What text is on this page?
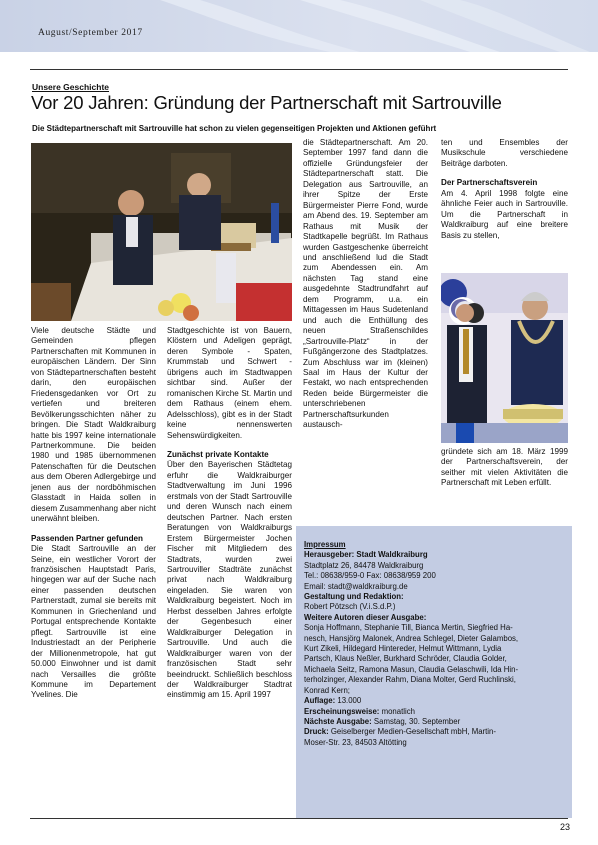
August/September 2017
Unsere Geschichte
Vor 20 Jahren: Gründung der Partnerschaft mit Sartrouville
Die Städtepartnerschaft mit Sartrouville hat schon zu vielen gegenseitigen Projekten und Aktionen geführt

Viele deutsche Städte und Gemeinden pflegen Partnerschaften mit Kommunen in europäischen Ländern. Der Sinn von Städtepartnerschaften besteht darin, den europäischen Friedensgedanken vor Ort zu vertiefen und breiteren Bevölkerungsschichten näher zu bringen. Die Stadt Waldkraiburg hatte bis 1997 keine internationale Partnerkommune. Die beiden 1980 und 1985 übernommenen Patenschaften für die Deutschen aus dem Oberen Adlergebirge und jenen aus der nordböhmischen Glasstadt in Haida sollen in diesem Zusammenhang aber nicht unerwähnt bleiben.

Passenden Partner gefunden

Die Stadt Sartrouville an der Seine, ein westlicher Vorort der französischen Hauptstadt Paris, hingegen war auf der Suche nach einer passenden deutschen Partnerstadt, zumal sie bereits mit Kommunen in Griechenland und Portugal entsprechende Kontakte pflegt. Sartrouville ist eine Industriestadt an der Peripherie der Millionenmetropole, hat gut 50.000 Einwohner und ist damit nach Versailles die größte Kommune im Departement Yvelines. Die

Stadtgeschichte ist von Bauern, Klöstern und Adeligen geprägt, deren Symbole - Spaten, Krummstab und Schwert - übrigens auch im Stadtwappen sichtbar sind. Außer der romanischen Kirche St. Martin und dem Rathaus (einem ehem. Adelsschloss), gibt es in der Stadt keine nennenswerten Sehenswürdigkeiten.

Zunächst private Kontakte

Über den Bayerischen Städtetag erfuhr die Waldkraiburger Stadtverwaltung im Juni 1996 erstmals von der Stadt Sartrouville und deren Wunsch nach einem deutschen Partner. Nach ersten Beratungen von Waldkraiburgs Erstem Bürgermeister Jochen Fischer mit Mitgliedern des Stadtrats, wurden zwei Sartrouviller Stadträte zunächst privat nach Waldkraiburg eingeladen. Sie waren von Waldkraiburg begeistert. Noch im Herbst desselben Jahres erfolgte der Gegenbesuch einer Waldkraiburger Delegation in Sartrouville. Und auch die Waldkraiburger waren von der französischen Stadt sehr beeindruckt. Schließlich beschloss der Waldkraiburger Stadtrat einstimmig am 15. April 1997

die Städtepartnerschaft. Am 20. September 1997 fand dann die offizielle Gründungsfeier der Städtepartnerschaft statt. Die Delegation aus Sartrouville, an ihrer Spitze der Erste Bürgermeister Pierre Fond, wurde am Abend des. 19. September am Rathaus mit Musik der Stadtkapelle begrüßt. Im Rathaus wurden Gastgeschenke überreicht und anschließend lud die Stadt zum Abendessen ein. Am nächsten Tag stand eine ausgedehnte Stadtrundfahrt auf dem Programm, u.a. ein Mittagessen im Haus Sudetenland und auch die Enthüllung des neuen Straßenschildes „Sartrouville-Platz“ in der Fußgängerzone des Stadtplatzes. Zum Abschluss war im (kleinen) Saal im Haus der Kultur der Festakt, wo nach entsprechenden Reden beide Bürgermeister die unterschriebenen Partnerschaftsurkunden austausch-

ten und Ensembles der Musikschule verschiedene Beiträge darboten.

Der Partnerschaftsverein

Am 4. April 1998 folgte eine ähnliche Feier auch in Sartrouville. Um die Partnerschaft in Waldkraiburg auf eine breitere Basis zu stellen,

gründete sich am 18. März 1999 der Partnerschaftsverein, der seither mit vielen Aktivitäten die Partnerschaft mit Leben erfüllt.

Impressum
Herausgeber: Stadt Waldkraiburg
Stadtplatz 26, 84478 Waldkraiburg
Tel.: 08638/959-0 Fax: 08638/959 200
Email: stadt@waldkraiburg.de
Gestaltung und Redaktion:
Robert Pötzsch (V.i.S.d.P.)
Weitere Autoren dieser Ausgabe:
Sonja Hoffmann, Stephanie Till, Bianca Mertin, Siegfried Ha-
nesch, Hansjörg Malonek, Andrea Schlegel, Dieter Galambos,
Kurt Zikeli, Hildegard Hintereder, Helmut Wittmann, Lydia
Partsch, Klaus Neßler, Burkhard Schröder, Claudia Golder,
Michaela Seitz, Ramona Masun, Claudia Gelaschwili, Ida Hin-
terholzinger, Alexander Rahm, Diana Molter, Gerd Ruchlinski,
Konrad Kern;
Auflage: 13.000
Erscheinungsweise: monatlich
Nächste Ausgabe: Samstag, 30. September
Druck: Geiselberger Medien-Gesellschaft mbH, Martin-
Moser-Str. 23, 84503 Altötting
23
